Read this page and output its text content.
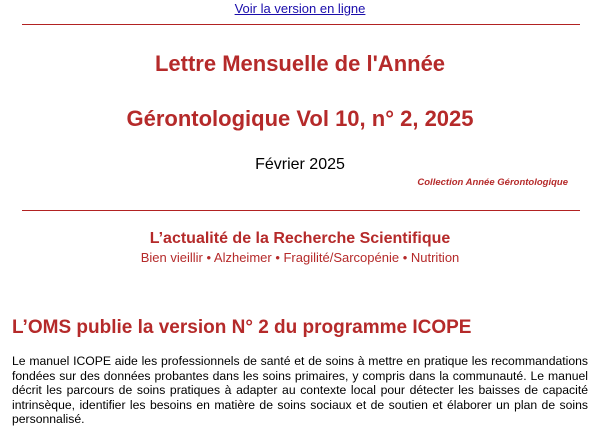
Voir la version en ligne
Lettre Mensuelle de l'Année
Gérontologique Vol 10, n° 2, 2025
Février 2025
Collection Année Gérontologique
L’actualité de la Recherche Scientifique
Bien vieillir • Alzheimer • Fragilité/Sarcopénie • Nutrition
L’OMS publie la version N° 2 du programme ICOPE

Le manuel ICOPE aide les professionnels de santé et de soins à mettre en pratique les recommandations fondées sur des données probantes dans les soins primaires, y compris dans la communauté. Le manuel décrit les parcours de soins pratiques à adapter au contexte local pour détecter les baisses de capacité intrinsèque, identifier les besoins en matière de soins sociaux et de soutien et élaborer un plan de soins personnalisé.
